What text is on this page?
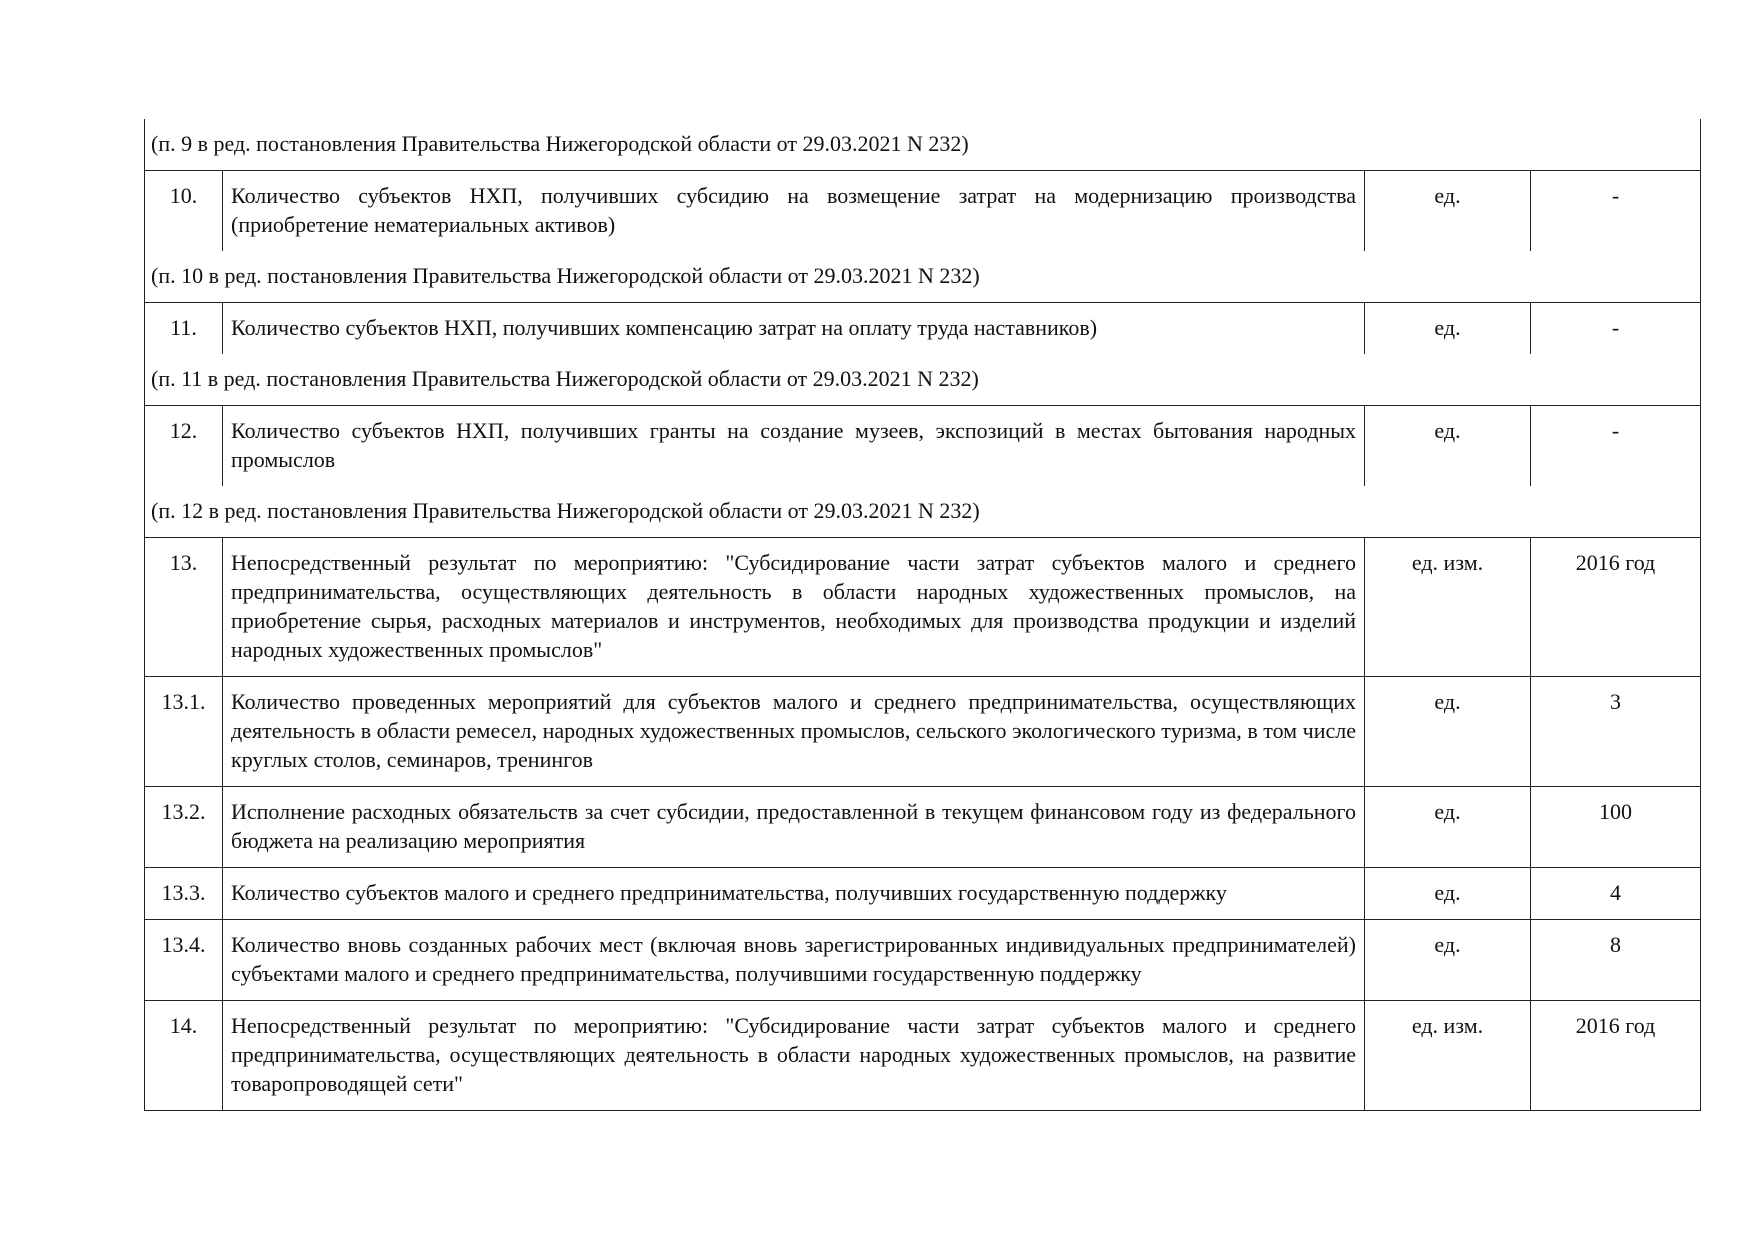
(п. 9 в ред. постановления Правительства Нижегородской области от 29.03.2021 N 232)			
10.	Количество субъектов НХП, получивших субсидию на возмещение затрат на модернизацию производства (приобретение нематериальных активов)	ед.	-
(п. 10 в ред. постановления Правительства Нижегородской области от 29.03.2021 N 232)			
11.	Количество субъектов НХП, получивших компенсацию затрат на оплату труда наставников)	ед.	-
(п. 11 в ред. постановления Правительства Нижегородской области от 29.03.2021 N 232)			
12.	Количество субъектов НХП, получивших гранты на создание музеев, экспозиций в местах бытования народных промыслов	ед.	-
(п. 12 в ред. постановления Правительства Нижегородской области от 29.03.2021 N 232)			
13.	Непосредственный результат по мероприятию: "Субсидирование части затрат субъектов малого и среднего предпринимательства, осуществляющих деятельность в области народных художественных промыслов, на приобретение сырья, расходных материалов и инструментов, необходимых для производства продукции и изделий народных художественных промыслов"	ед. изм.	2016 год
13.1.	Количество проведенных мероприятий для субъектов малого и среднего предпринимательства, осуществляющих деятельность в области ремесел, народных художественных промыслов, сельского экологического туризма, в том числе круглых столов, семинаров, тренингов	ед.	3
13.2.	Исполнение расходных обязательств за счет субсидии, предоставленной в текущем финансовом году из федерального бюджета на реализацию мероприятия	ед.	100
13.3.	Количество субъектов малого и среднего предпринимательства, получивших государственную поддержку	ед.	4
13.4.	Количество вновь созданных рабочих мест (включая вновь зарегистрированных индивидуальных предпринимателей) субъектами малого и среднего предпринимательства, получившими государственную поддержку	ед.	8
14.	Непосредственный результат по мероприятию: "Субсидирование части затрат субъектов малого и среднего предпринимательства, осуществляющих деятельность в области народных художественных промыслов, на развитие товаропроводящей сети"	ед. изм.	2016 год
